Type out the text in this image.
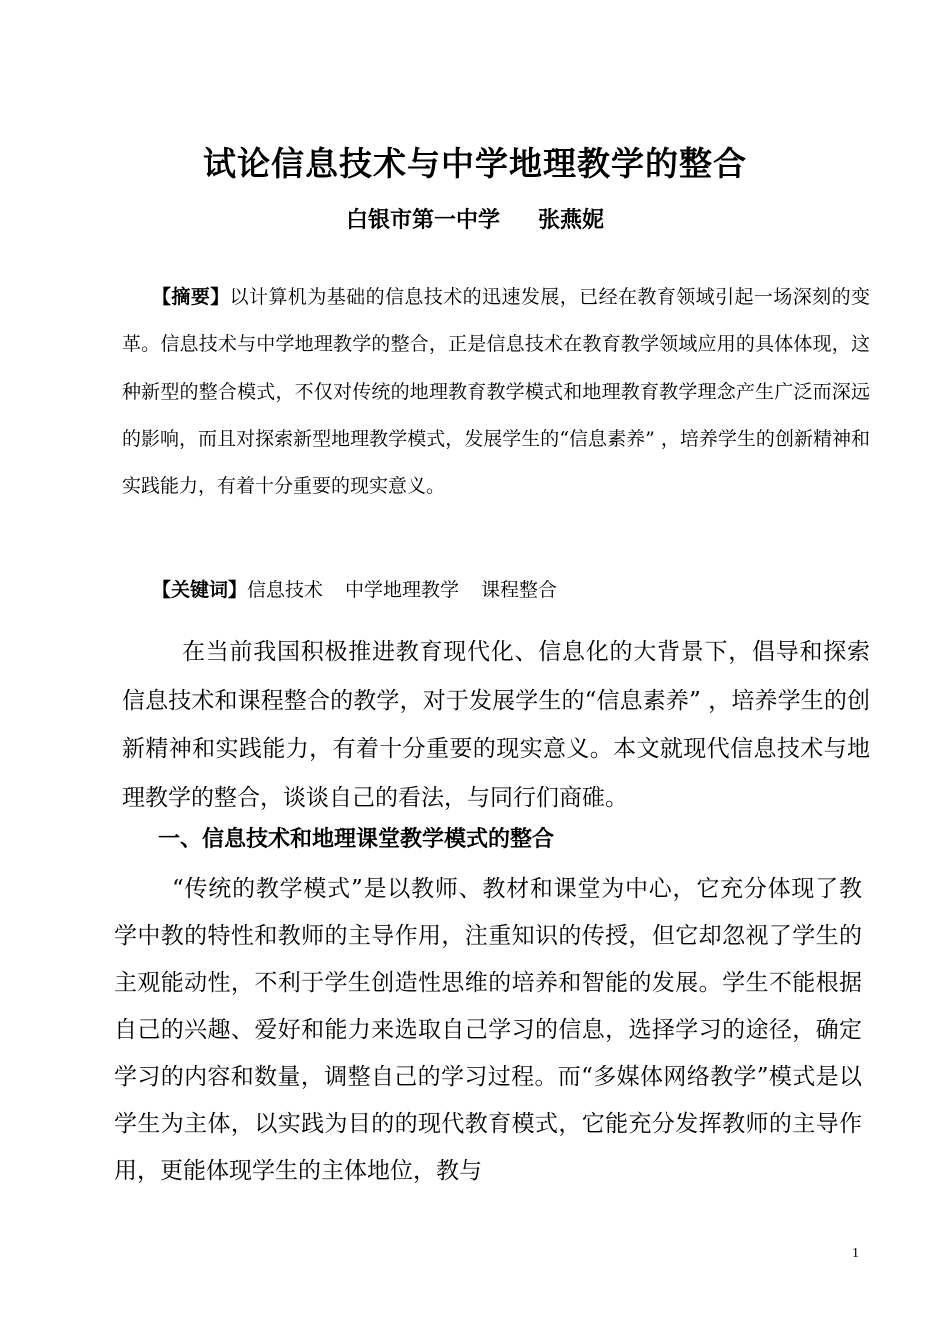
试论信息技术与中学地理教学的整合
白银市第一中学 张燕妮
【摘要】以计算机为基础的信息技术的迅速发展，已经在教育领域引起一场深刻的变革。信息技术与中学地理教学的整合，正是信息技术在教育教学领域应用的具体体现，这种新型的整合模式，不仅对传统的地理教育教学模式和地理教育教学理念产生广泛而深远的影响，而且对探索新型地理教学模式，发展学生的“信息素养” ，培养学生的创新精神和实践能力，有着十分重要的现实意义。
【关键词】信息技术 中学地理教学 课程整合
在当前我国积极推进教育现代化、信息化的大背景下，倡导和探索信息技术和课程整合的教学，对于发展学生的“信息素养” ，培养学生的创新精神和实践能力，有着十分重要的现实意义。本文就现代信息技术与地理教学的整合，谈谈自己的看法，与同行们商碓。
一、信息技术和地理课堂教学模式的整合
“传统的教学模式”是以教师、教材和课堂为中心，它充分体现了教学中教的特性和教师的主导作用，注重知识的传授，但它却忽视了学生的主观能动性，不利于学生创造性思维的培养和智能的发展。学生不能根据自己的兴趣、爱好和能力来选取自己学习的信息，选择学习的途径，确定学习的内容和数量，调整自己的学习过程。而“多媒体网络教学”模式是以学生为主体，以实践为目的的现代教育模式，它能充分发挥教师的主导作用，更能体现学生的主体地位，教与
1
